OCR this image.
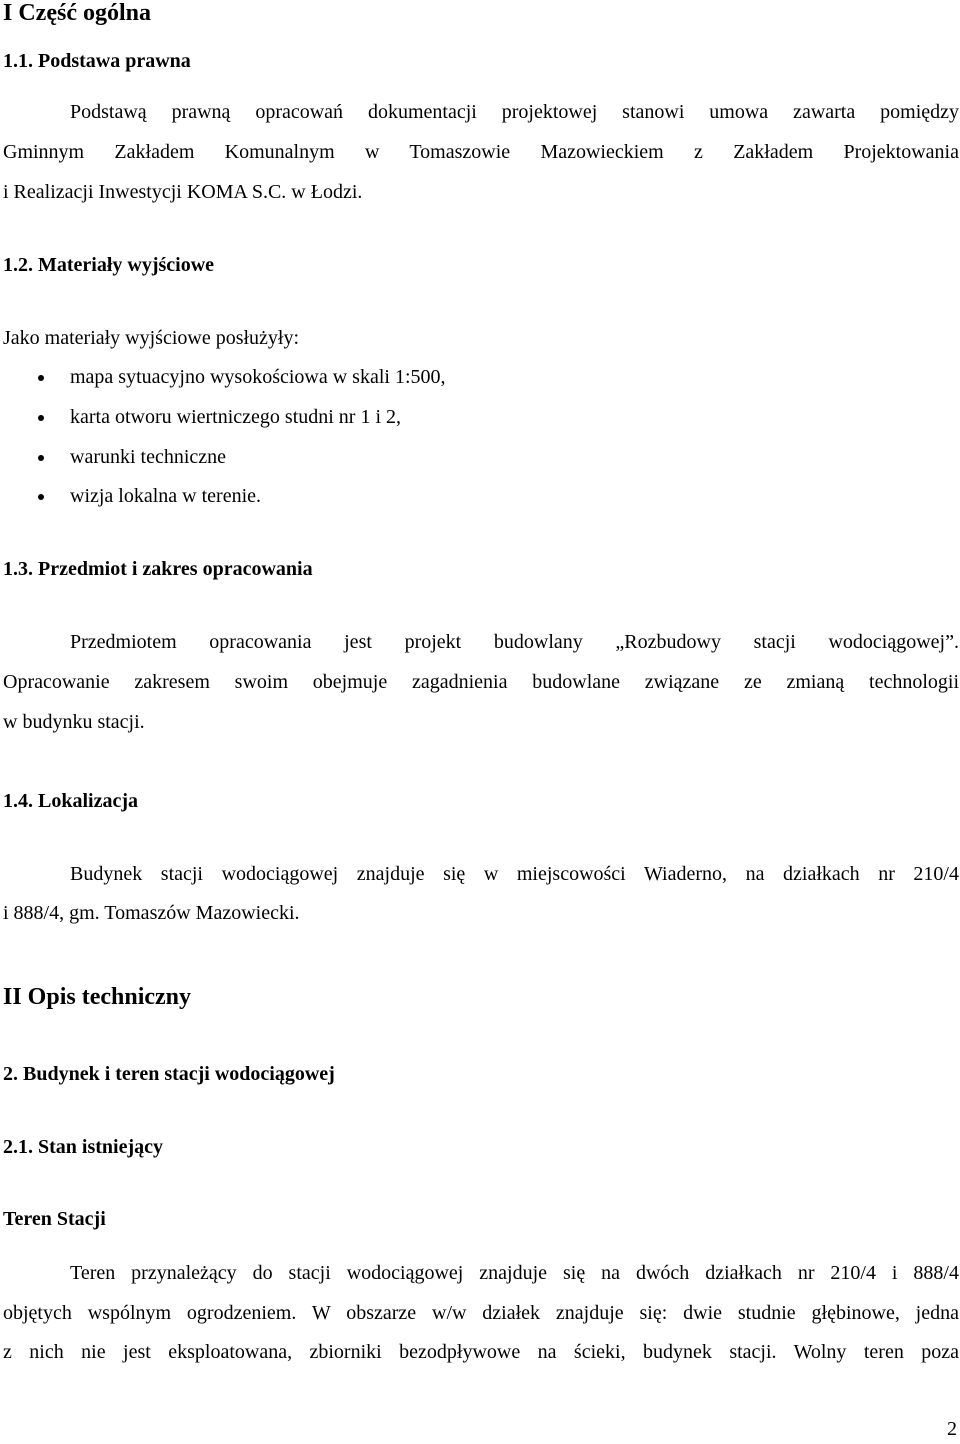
I Część ogólna
1.1. Podstawa prawna
Podstawą prawną opracowań dokumentacji projektowej stanowi umowa zawarta pomiędzy
Gminnym Zakładem Komunalnym w Tomaszowie Mazowieckiem z Zakładem Projektowania
i Realizacji Inwestycji KOMA S.C. w Łodzi.
1.2. Materiały wyjściowe
Jako materiały wyjściowe posłużyły:
mapa sytuacyjno wysokościowa w skali 1:500,
karta otworu wiertniczego studni nr 1 i 2,
warunki techniczne
wizja lokalna w terenie.
1.3. Przedmiot i zakres opracowania
Przedmiotem opracowania jest projekt budowlany „Rozbudowy stacji wodociągowej”.
Opracowanie zakresem swoim obejmuje zagadnienia budowlane związane ze zmianą technologii
w budynku stacji.
1.4. Lokalizacja
Budynek stacji wodociągowej znajduje się w miejscowości Wiaderno, na działkach nr 210/4
i 888/4, gm. Tomaszów Mazowiecki.
II Opis techniczny
2. Budynek i teren stacji wodociągowej
2.1. Stan istniejący
Teren Stacji
Teren przynależący do stacji wodociągowej znajduje się na dwóch działkach nr 210/4 i 888/4
objętych wspólnym ogrodzeniem. W obszarze w/w działek znajduje się: dwie studnie głębinowe, jedna
z nich nie jest eksploatowana, zbiorniki bezodpływowe na ścieki, budynek stacji. Wolny teren poza
2
